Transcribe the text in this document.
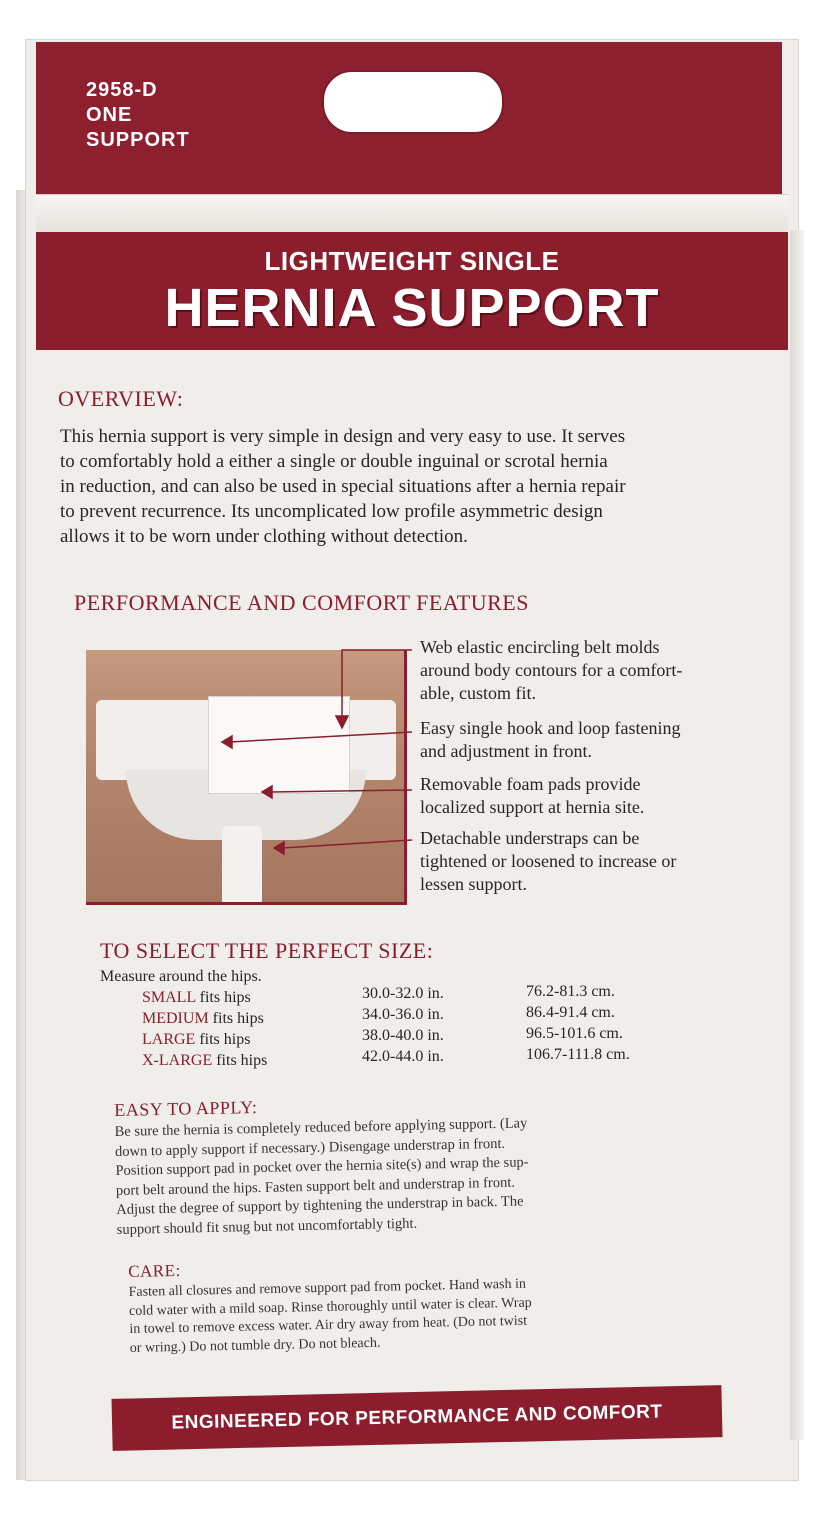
2958-D
ONE
SUPPORT
LIGHTWEIGHT SINGLE
HERNIA SUPPORT
OVERVIEW:
This hernia support is very simple in design and very easy to use. It serves
to comfortably hold a either a single or double inguinal or scrotal hernia
in reduction, and can also be used in special situations after a hernia repair
to prevent recurrence. Its uncomplicated low profile asymmetric design
allows it to be worn under clothing without detection.
PERFORMANCE AND COMFORT FEATURES
Web elastic encircling belt molds
around body contours for a comfort-
able, custom fit.
Easy single hook and loop fastening
and adjustment in front.
Removable foam pads provide
localized support at hernia site.
Detachable understraps can be
tightened or loosened to increase or
lessen support.
TO SELECT THE PERFECT SIZE:
Measure around the hips.
SMALL fits hips	30.0-32.0 in.	76.2-81.3 cm.
MEDIUM fits hips	34.0-36.0 in.	86.4-91.4 cm.
LARGE fits hips	38.0-40.0 in.	96.5-101.6 cm.
X-LARGE fits hips	42.0-44.0 in.	106.7-111.8 cm.
EASY TO APPLY:
Be sure the hernia is completely reduced before applying support. (Lay
down to apply support if necessary.) Disengage understrap in front.
Position support pad in pocket over the hernia site(s) and wrap the sup-
port belt around the hips. Fasten support belt and understrap in front.
Adjust the degree of support by tightening the understrap in back. The
support should fit snug but not uncomfortably tight.
CARE:
Fasten all closures and remove support pad from pocket. Hand wash in
cold water with a mild soap. Rinse thoroughly until water is clear. Wrap
in towel to remove excess water. Air dry away from heat. (Do not twist
or wring.) Do not tumble dry. Do not bleach.
ENGINEERED FOR PERFORMANCE AND COMFORT
